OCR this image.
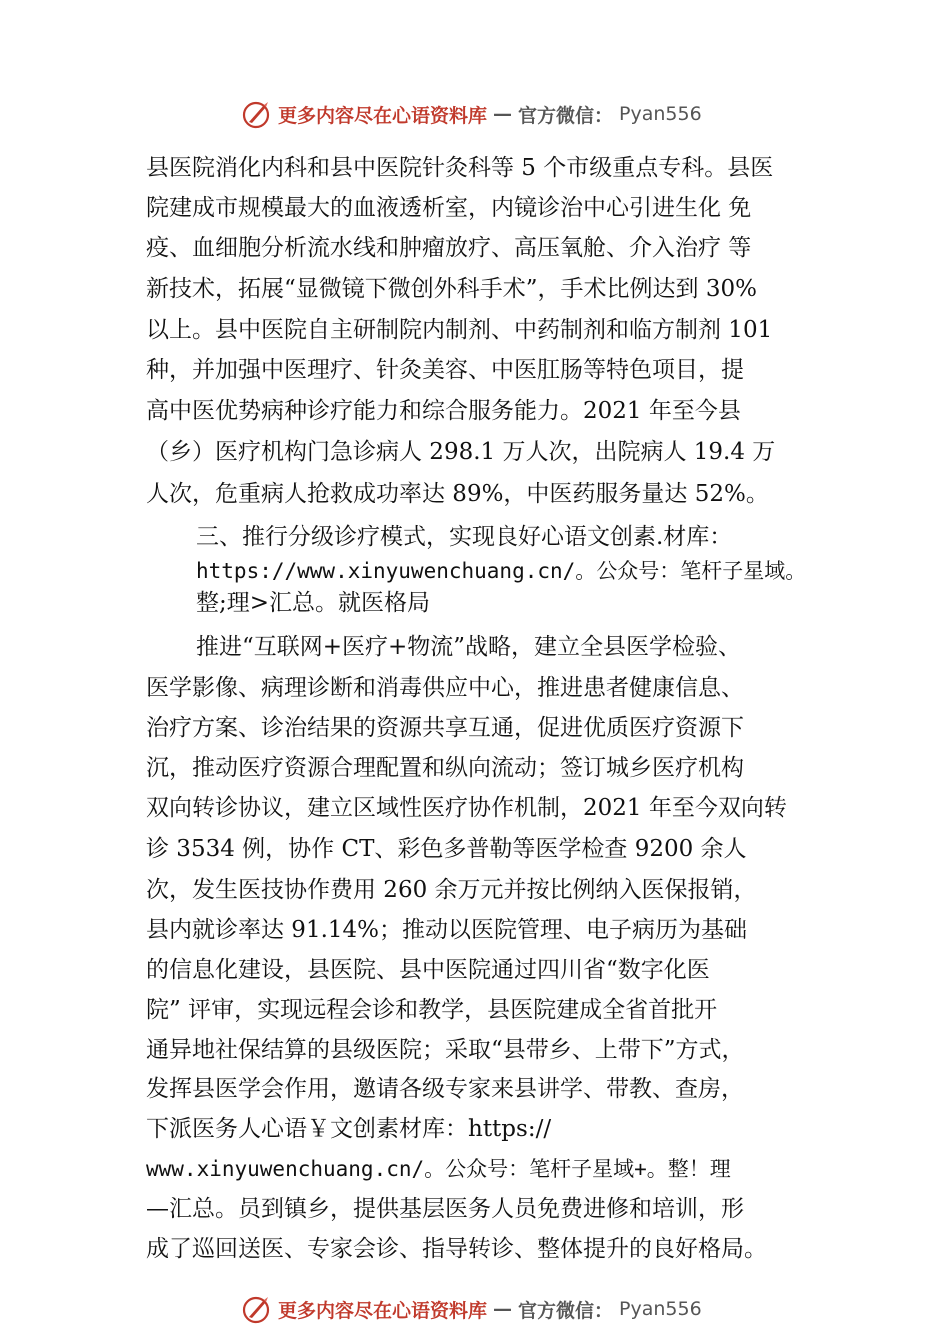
更多内容尽在心语资料库 — 官方微信： Pyan556
县医院消化内科和县中医院针灸科等 5 个市级重点专科。县医
院建成市规模最大的血液透析室，内镜诊治中心引进生化 免
疫、血细胞分析流水线和肿瘤放疗、高压氧舱、介入治疗 等
新技术，拓展“显微镜下微创外科手术”，手术比例达到 30%
以上。县中医院自主研制院内制剂、中药制剂和临方制剂 101
种，并加强中医理疗、针灸美容、中医肛肠等特色项目，提
高中医优势病种诊疗能力和综合服务能力。2021 年至今县
（乡）医疗机构门急诊病人 298.1 万人次，出院病人 19.4 万
人次，危重病人抢救成功率达 89%，中医药服务量达 52%。
三、推行分级诊疗模式，实现良好心语文创素.材库：
https://www.xinyuwenchuang.cn/。公众号：笔杆子星域。
整;理>汇总。就医格局
推进“互联网+医疗+物流”战略，建立全县医学检验、
医学影像、病理诊断和消毒供应中心，推进患者健康信息、
治疗方案、诊治结果的资源共享互通，促进优质医疗资源下
沉，推动医疗资源合理配置和纵向流动；签订城乡医疗机构
双向转诊协议，建立区域性医疗协作机制，2021 年至今双向转
诊 3534 例，协作 CT、彩色多普勒等医学检查 9200 余人
次，发生医技协作费用 260 余万元并按比例纳入医保报销，
县内就诊率达 91.14%；推动以医院管理、电子病历为基础
的信息化建设，县医院、县中医院通过四川省“数字化医
院” 评审，实现远程会诊和教学，县医院建成全省首批开
通异地社保结算的县级医院；采取“县带乡、上带下”方式，
发挥县医学会作用，邀请各级专家来县讲学、带教、查房，
下派医务人心语￥文创素材库：https://
www.xinyuwenchuang.cn/。公众号：笔杆子星域+。整！理
—汇总。员到镇乡，提供基层医务人员免费进修和培训，形
成了巡回送医、专家会诊、指导转诊、整体提升的良好格局。
更多内容尽在心语资料库 — 官方微信： Pyan556
